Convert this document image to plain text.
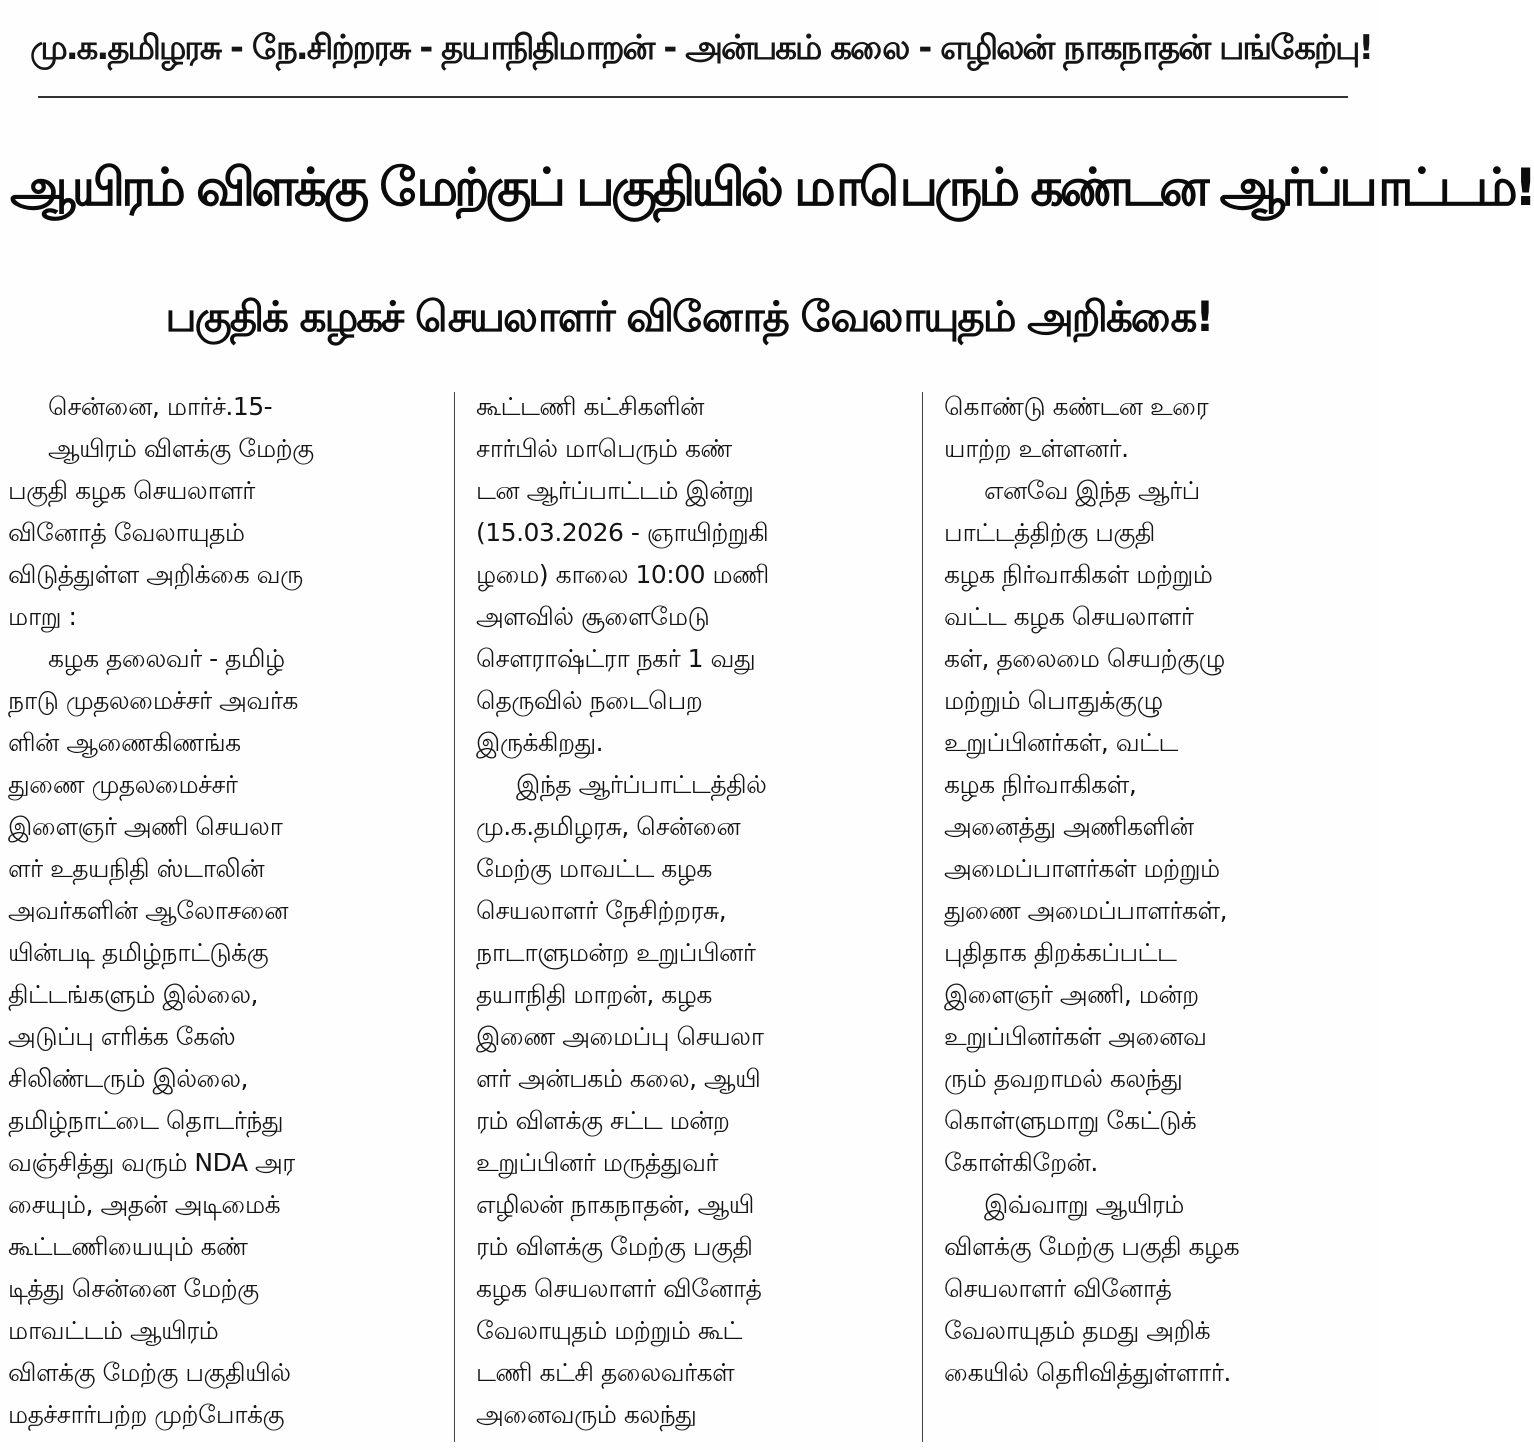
மு.க.தமிழரசு - நே.சிற்றரசு - தயாநிதிமாறன் - அன்பகம் கலை - எழிலன் நாகநாதன் பங்கேற்பு!
ஆயிரம் விளக்கு மேற்குப் பகுதியில் மாபெரும் கண்டன ஆர்ப்பாட்டம்!
பகுதிக் கழகச் செயலாளர் வினோத் வேலாயுதம் அறிக்கை!
சென்னை, மார்ச்.15-
ஆயிரம் விளக்கு மேற்கு
பகுதி கழக செயலாளர்
வினோத் வேலாயுதம்
விடுத்துள்ள அறிக்கை வரு
மாறு :
கழக தலைவர் - தமிழ்
நாடு முதலமைச்சர் அவர்க
ளின் ஆணைகிணங்க
துணை முதலமைச்சர்
இளைஞர் அணி செயலா
ளர் உதயநிதி ஸ்டாலின்
அவர்களின் ஆலோசனை
யின்படி தமிழ்நாட்டுக்கு
திட்டங்களும் இல்லை,
அடுப்பு எரிக்க கேஸ்
சிலிண்டரும் இல்லை,
தமிழ்நாட்டை தொடர்ந்து
வஞ்சித்து வரும் NDA அர
சையும், அதன் அடிமைக்
கூட்டணியையும் கண்
டித்து சென்னை மேற்கு
மாவட்டம் ஆயிரம்
விளக்கு மேற்கு பகுதியில்
மதச்சார்பற்ற முற்போக்கு
கூட்டணி கட்சிகளின்
சார்பில் மாபெரும் கண்
டன ஆர்ப்பாட்டம் இன்று
(15.03.2026 - ஞாயிற்றுகி
ழமை) காலை 10:00 மணி
அளவில் சூளைமேடு
சௌராஷ்ட்ரா நகர் 1 வது
தெருவில் நடைபெற
இருக்கிறது.
இந்த ஆர்ப்பாட்டத்தில்
மு.க.தமிழரசு, சென்னை
மேற்கு மாவட்ட கழக
செயலாளர் நேசிற்றரசு,
நாடாளுமன்ற உறுப்பினர்
தயாநிதி மாறன், கழக
இணை அமைப்பு செயலா
ளர் அன்பகம் கலை, ஆயி
ரம் விளக்கு சட்ட மன்ற
உறுப்பினர் மருத்துவர்
எழிலன் நாகநாதன், ஆயி
ரம் விளக்கு மேற்கு பகுதி
கழக செயலாளர் வினோத்
வேலாயுதம் மற்றும் கூட்
டணி கட்சி தலைவர்கள்
அனைவரும் கலந்து
கொண்டு கண்டன உரை
யாற்ற உள்ளனர்.
எனவே இந்த ஆர்ப்
பாட்டத்திற்கு பகுதி
கழக நிர்வாகிகள் மற்றும்
வட்ட கழக செயலாளர்
கள், தலைமை செயற்குழு
மற்றும் பொதுக்குழு
உறுப்பினர்கள், வட்ட
கழக நிர்வாகிகள்,
அனைத்து அணிகளின்
அமைப்பாளர்கள் மற்றும்
துணை அமைப்பாளர்கள்,
புதிதாக திறக்கப்பட்ட
இளைஞர் அணி, மன்ற
உறுப்பினர்கள் அனைவ
ரும் தவறாமல் கலந்து
கொள்ளுமாறு கேட்டுக்
கோள்கிறேன்.
இவ்வாறு ஆயிரம்
விளக்கு மேற்கு பகுதி கழக
செயலாளர் வினோத்
வேலாயுதம் தமது அறிக்
கையில் தெரிவித்துள்ளார்.
